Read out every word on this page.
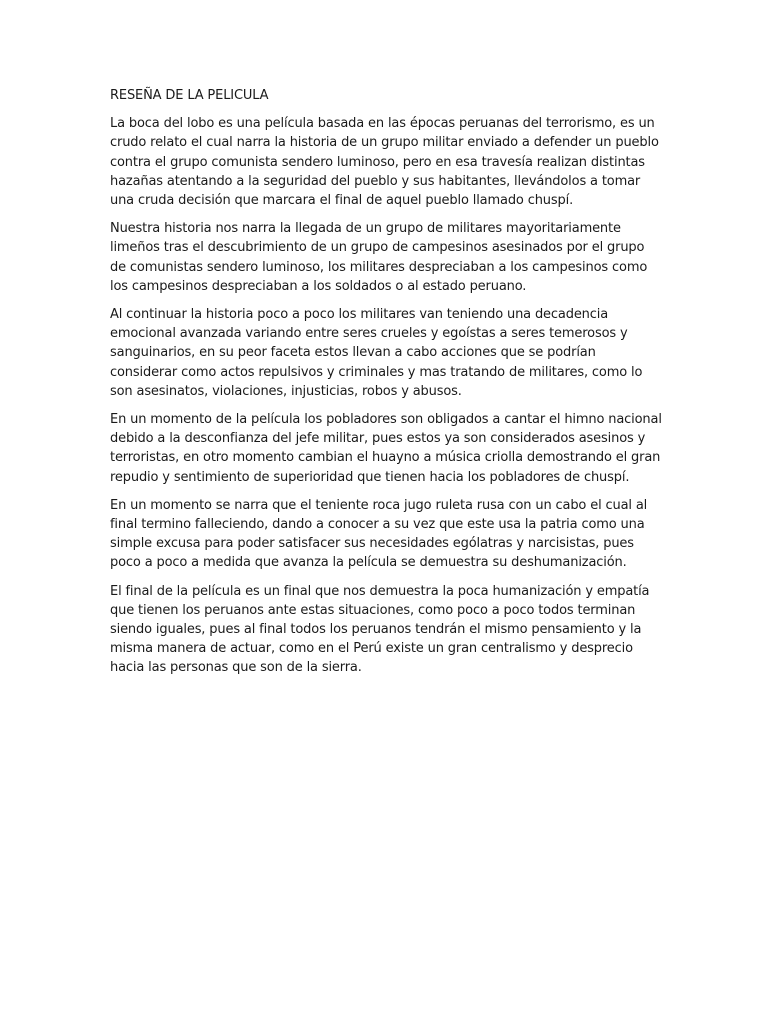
RESEÑA DE LA PELICULA

La boca del lobo es una película basada en las épocas peruanas del terrorismo, es un crudo relato el cual narra la historia de un grupo militar enviado a defender un pueblo contra el grupo comunista sendero luminoso, pero en esa travesía realizan distintas hazañas atentando a la seguridad del pueblo y sus habitantes, llevándolos a tomar una cruda decisión que marcara el final de aquel pueblo llamado chuspí.

Nuestra historia nos narra la llegada de un grupo de militares mayoritariamente limeños tras el descubrimiento de un grupo de campesinos asesinados por el grupo de comunistas sendero luminoso, los militares despreciaban a los campesinos como los campesinos despreciaban a los soldados o al estado peruano.

Al continuar la historia poco a poco los militares van teniendo una decadencia emocional avanzada variando entre seres crueles y egoístas a seres temerosos y sanguinarios, en su peor faceta estos llevan a cabo acciones que se podrían considerar como actos repulsivos y criminales y mas tratando de militares, como lo son asesinatos, violaciones, injusticias, robos y abusos.

En un momento de la película los pobladores son obligados a cantar el himno nacional debido a la desconfianza del jefe militar, pues estos ya son considerados asesinos y terroristas, en otro momento cambian el huayno a música criolla demostrando el gran repudio y sentimiento de superioridad que tienen hacia los pobladores de chuspí.

En un momento se narra que el teniente roca jugo ruleta rusa con un cabo el cual al final termino falleciendo, dando a conocer a su vez que este usa la patria como una simple excusa para poder satisfacer sus necesidades ególatras y narcisistas, pues poco a poco a medida que avanza la película se demuestra su deshumanización.

El final de la película es un final que nos demuestra la poca humanización y empatía que tienen los peruanos ante estas situaciones, como poco a poco todos terminan siendo iguales, pues al final todos los peruanos tendrán el mismo pensamiento y la misma manera de actuar, como en el Perú existe un gran centralismo y desprecio hacia las personas que son de la sierra.
